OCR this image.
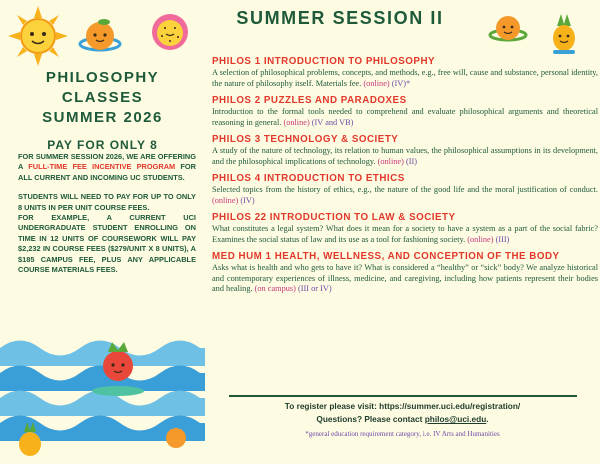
PHILOSOPHY
CLASSES
SUMMER 2026
PAY FOR ONLY 8

FOR SUMMER SESSION 2026, WE ARE OFFERING A FULL-TIME FEE INCENTIVE PROGRAM FOR ALL CURRENT AND INCOMING UC STUDENTS.

STUDENTS WILL NEED TO PAY FOR UP TO ONLY 8 UNITS IN PER UNIT COURSE FEES.

FOR EXAMPLE, A CURRENT UCI UNDERGRADUATE STUDENT ENROLLING ON TIME IN 12 UNITS OF COURSEWORK WILL PAY $2,232 IN COURSE FEES ($279/UNIT X 8 UNITS), A $185 CAMPUS FEE, PLUS ANY APPLICABLE COURSE MATERIALS FEES.

SUMMER SESSION II
PHILOS 1 INTRODUCTION TO PHILOSOPHY
A selection of philosophical problems, concepts, and methods, e.g., free will, cause and substance, personal identity, the nature of philosophy itself. Materials fee. (online) (IV)*
PHILOS 2 PUZZLES AND PARADOXES
Introduction to the formal tools needed to comprehend and evaluate philosophical arguments and theoretical reasoning in general. (online) (IV and VB)
PHILOS 3 TECHNOLOGY & SOCIETY
A study of the nature of technology, its relation to human values, the philosophical assumptions in its development, and the philosophical implications of technology. (online) (II)
PHILOS 4 INTRODUCTION TO ETHICS
Selected topics from the history of ethics, e.g., the nature of the good life and the moral justification of conduct. (online) (IV)
PHILOS 22 INTRODUCTION TO LAW & SOCIETY
What constitutes a legal system? What does it mean for a society to have a system as a part of the social fabric? Examines the social status of law and its use as a tool for fashioning society. (online) (III)
MED HUM 1 HEALTH, WELLNESS, AND CONCEPTION OF THE BODY
Asks what is health and who gets to have it? What is considered a “healthy” or “sick” body? We analyze historical and contemporary experiences of illness, medicine, and caregiving, including how patients represent their bodies and healing. (on campus) (III or IV)
To register please visit: https://summer.uci.edu/registration/
Questions? Please contact philos@uci.edu.
*general education requirement category, i.e. IV Arts and Humanities
